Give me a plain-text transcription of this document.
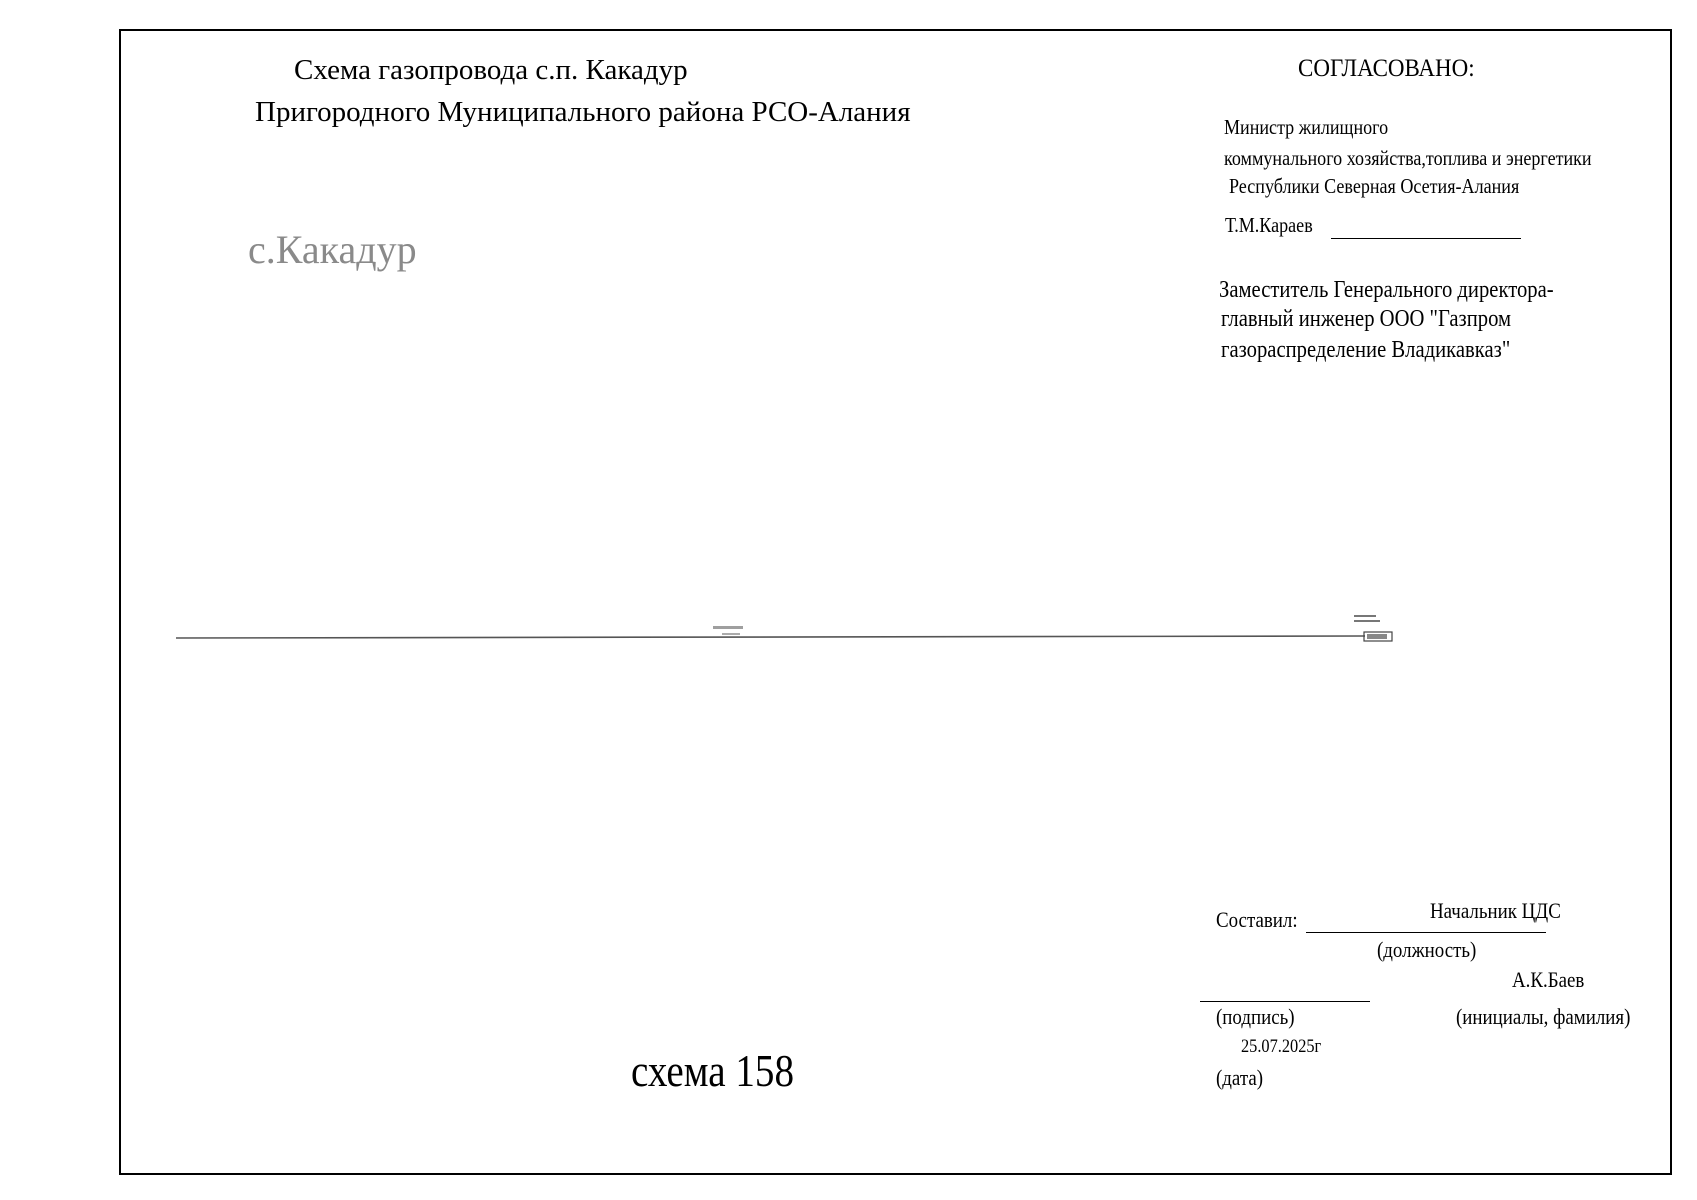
Схема газопровода с.п. Какадур
Пригородного Муниципального района РСО-Алания
с.Какадур
СОГЛАСОВАНО:
Министр жилищного
коммунального хозяйства,топлива и энергетики
Республики Северная Осетия-Алания
Т.М.Караев
Заместитель Генерального директора-
главный инженер ООО "Газпром
газораспределение Владикавказ"
Составил:	Начальник ЦДС
(должность)
А.К.Баев
(подпись)	(инициалы, фамилия)
25.07.2025г
(дата)
схема 158
